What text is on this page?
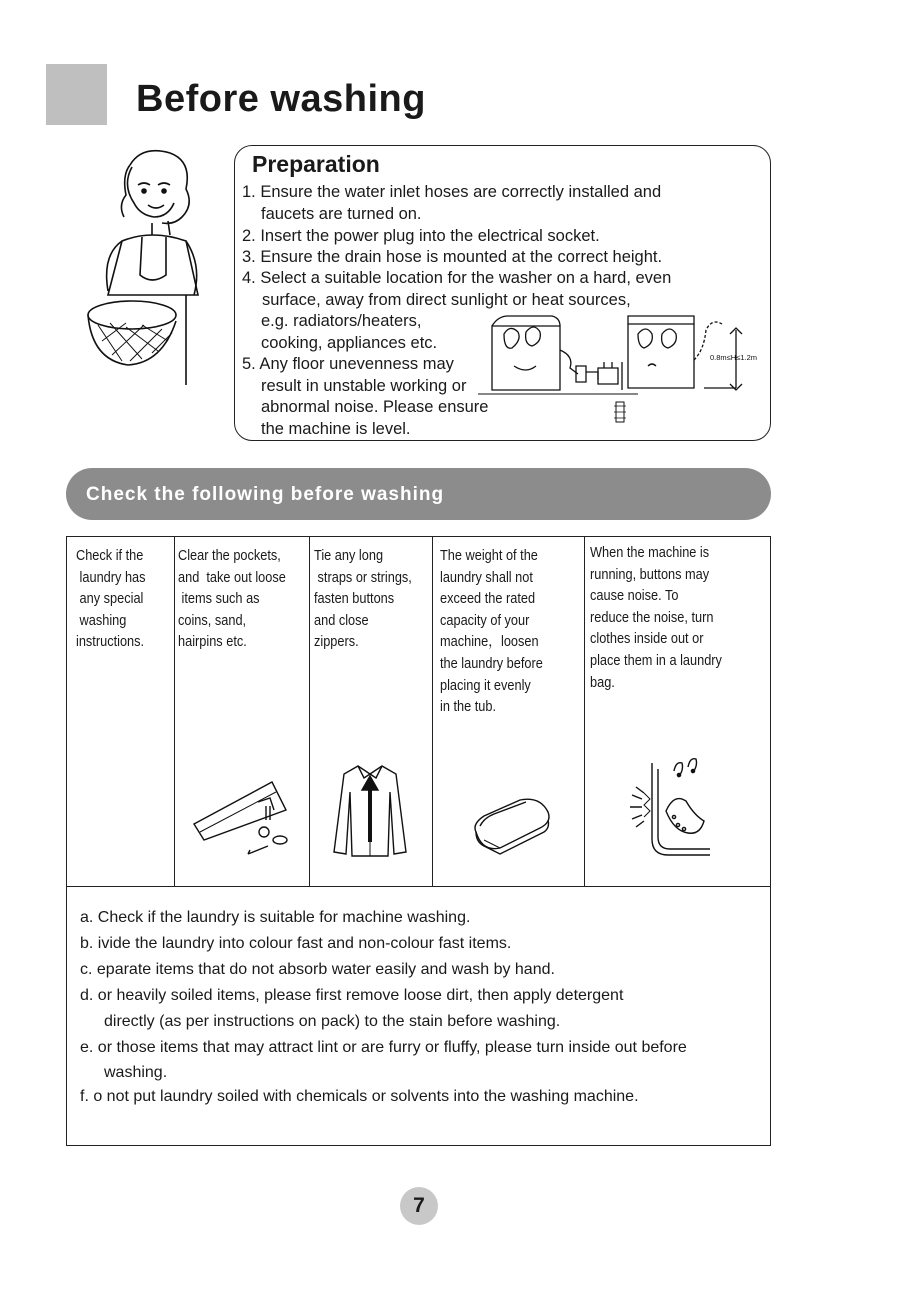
Before washing
Preparation
1. Ensure the water inlet hoses are correctly installed and
faucets are turned on.
2. Insert the power plug into the electrical socket.
3. Ensure the drain hose is mounted at the correct height.
4. Select a suitable location for the washer on a hard, even
surface, away from direct sunlight or heat sources,
e.g. radiators/heaters,
cooking, appliances etc.
5. Any floor unevenness may
result in unstable working or
abnormal noise. Please ensure
the machine is level.
0.8m≤H≤1.2m
Check the following before washing
Check if the
laundry has
any special
washing
instructions.
Clear the pockets,
and  take out loose
items such as
coins, sand,
hairpins etc.
Tie any long
straps or strings,
fasten buttons
and close
zippers.
The weight of the
laundry shall not
exceed the rated
capacity of your
machine，loosen
the laundry before
placing it evenly
in the tub.
When the machine is
running, buttons may
cause noise. To
reduce the noise, turn
clothes inside out or
place them in a laundry
bag.
a. Check if the laundry is suitable for machine washing.
b. ivide the laundry into colour fast and non-colour fast items.
c. eparate items that do not absorb water easily and wash by hand.
d. or heavily soiled items, please first remove loose dirt, then apply detergent
directly (as per instructions on pack) to the stain before washing.
e. or those items that may attract lint or are furry or fluffy, please turn inside out before
washing.
f. o not put laundry soiled with chemicals or solvents into the washing machine.
7
